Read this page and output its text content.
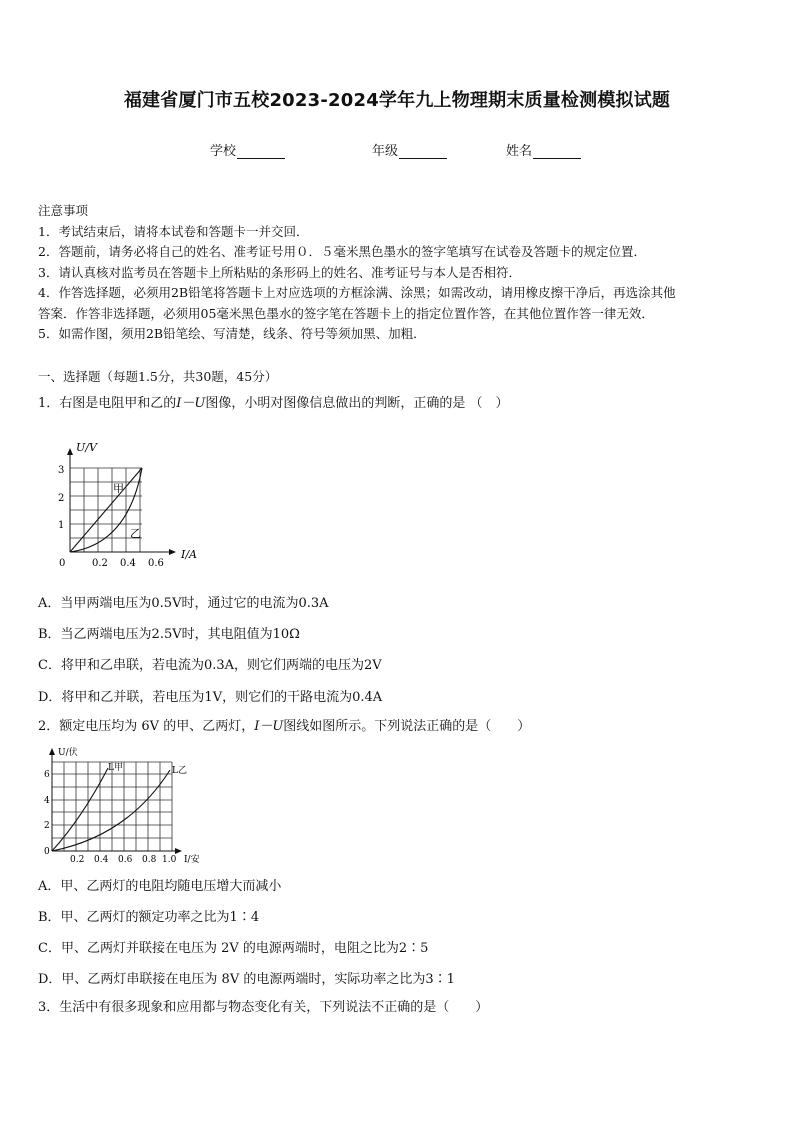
福建省厦门市五校2023-2024学年九上物理期末质量检测模拟试题
学校	年级	姓名

注意事项

1．考试结束后，请将本试卷和答题卡一并交回．

2．答题前，请务必将自己的姓名、准考证号用０．５毫米黑色墨水的签字笔填写在试卷及答题卡的规定位置．

3．请认真核对监考员在答题卡上所粘贴的条形码上的姓名、准考证号与本人是否相符．

4．作答选择题，必须用2B铅笔将答题卡上对应选项的方框涂满、涂黑；如需改动，请用橡皮擦干净后，再选涂其他

答案．作答非选择题，必须用05毫米黑色墨水的签字笔在答题卡上的指定位置作答，在其他位置作答一律无效．

5．如需作图，须用2B铅笔绘、写清楚，线条、符号等须加黑、加粗．

一、选择题（每题1.5分，共30题，45分）
1．右图是电阻甲和乙的I－U图像，小明对图像信息做出的判断，正确的是 （　）
U/V
I/A
1
2
3
0	0.2 0.4 0.6
甲
乙
A．当甲两端电压为0.5V时，通过它的电流为0.3A
B．当乙两端电压为2.5V时，其电阻值为10Ω
C．将甲和乙串联，若电流为0.3A，则它们两端的电压为2V
D．将甲和乙并联，若电压为1V，则它们的干路电流为0.4A
2．额定电压均为 6V 的甲、乙两灯，I－U图线如图所示。下列说法正确的是（　　）
U/伏
I/安
0
2
4
6
0.2 0.4 0.6 0.8 1.0
L甲	L乙
A．甲、乙两灯的电阻均随电压增大而减小
B．甲、乙两灯的额定功率之比为1∶4
C．甲、乙两灯并联接在电压为 2V 的电源两端时，电阻之比为2∶5
D．甲、乙两灯串联接在电压为 8V 的电源两端时，实际功率之比为3∶1
3．生活中有很多现象和应用都与物态变化有关，下列说法不正确的是（　　）
